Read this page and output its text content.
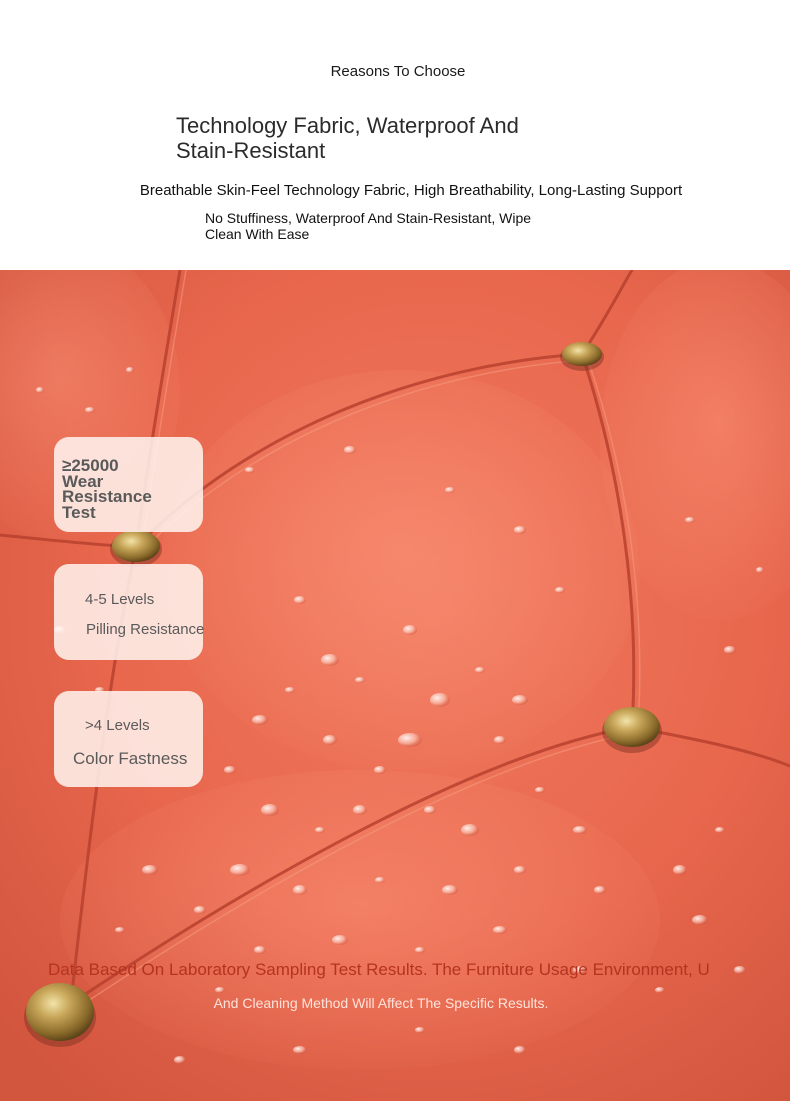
Reasons To Choose
Technology Fabric, Waterproof And
Stain-Resistant
Breathable Skin-Feel Technology Fabric, High Breathability, Long-Lasting Support
No Stuffiness, Waterproof And Stain-Resistant, Wipe
Clean With Ease
≥25000
Wear
Resistance
Test
4-5 Levels
Pilling Resistance
>4 Levels
Color Fastness
Data Based On Laboratory Sampling Test Results. The Furniture Usage Environment, U
And Cleaning Method Will Affect The Specific Results.
